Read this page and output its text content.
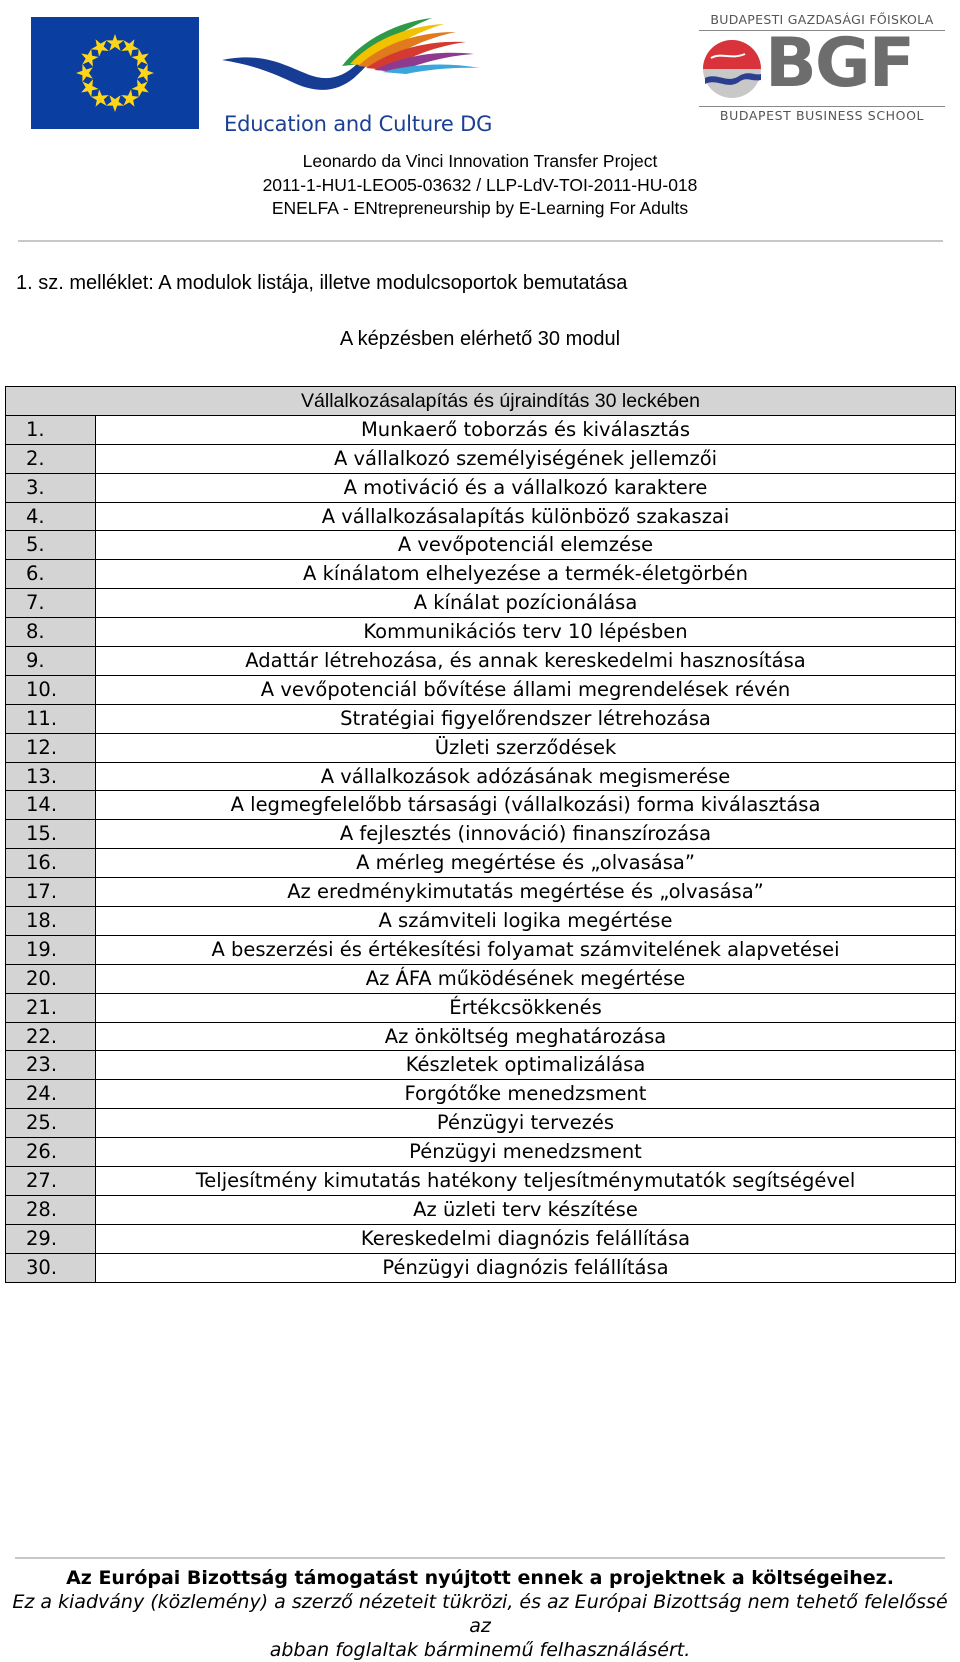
Education and Culture DG
BUDAPESTI GAZDASÁGI FŐISKOLA
BGF
BUDAPEST BUSINESS SCHOOL
Leonardo da Vinci Innovation Transfer Project
2011-1-HU1-LEO05-03632 / LLP-LdV-TOI-2011-HU-018
ENELFA - ENtrepreneurship by E-Learning For Adults
1. sz. melléklet: A modulok listája, illetve modulcsoportok bemutatása
A képzésben elérhető 30 modul
Vállalkozásalapítás és újraindítás 30 leckében	
1.	Munkaerő toborzás és kiválasztás
2.	A vállalkozó személyiségének jellemzői
3.	A motiváció és a vállalkozó karaktere
4.	A vállalkozásalapítás különböző szakaszai
5.	A vevőpotenciál elemzése
6.	A kínálatom elhelyezése a termék-életgörbén
7.	A kínálat pozícionálása
8.	Kommunikációs terv 10 lépésben
9.	Adattár létrehozása, és annak kereskedelmi hasznosítása
10.	A vevőpotenciál bővítése állami megrendelések révén
11.	Stratégiai figyelőrendszer létrehozása
12.	Üzleti szerződések
13.	A vállalkozások adózásának megismerése
14.	A legmegfelelőbb társasági (vállalkozási) forma kiválasztása
15.	A fejlesztés (innováció) finanszírozása
16.	A mérleg megértése és „olvasása”
17.	Az eredménykimutatás megértése és „olvasása”
18.	A számviteli logika megértése
19.	A beszerzési és értékesítési folyamat számvitelének alapvetései
20.	Az ÁFA működésének megértése
21.	Értékcsökkenés
22.	Az önköltség meghatározása
23.	Készletek optimalizálása
24.	Forgótőke menedzsment
25.	Pénzügyi tervezés
26.	Pénzügyi menedzsment
27.	Teljesítmény kimutatás hatékony teljesítménymutatók segítségével
28.	Az üzleti terv készítése
29.	Kereskedelmi diagnózis felállítása
30.	Pénzügyi diagnózis felállítása
Az Európai Bizottság támogatást nyújtott ennek a projektnek a költségeihez.
Ez a kiadvány (közlemény) a szerző nézeteit tükrözi, és az Európai Bizottság nem tehető felelőssé az
abban foglaltak bárminemű felhasználásért.
